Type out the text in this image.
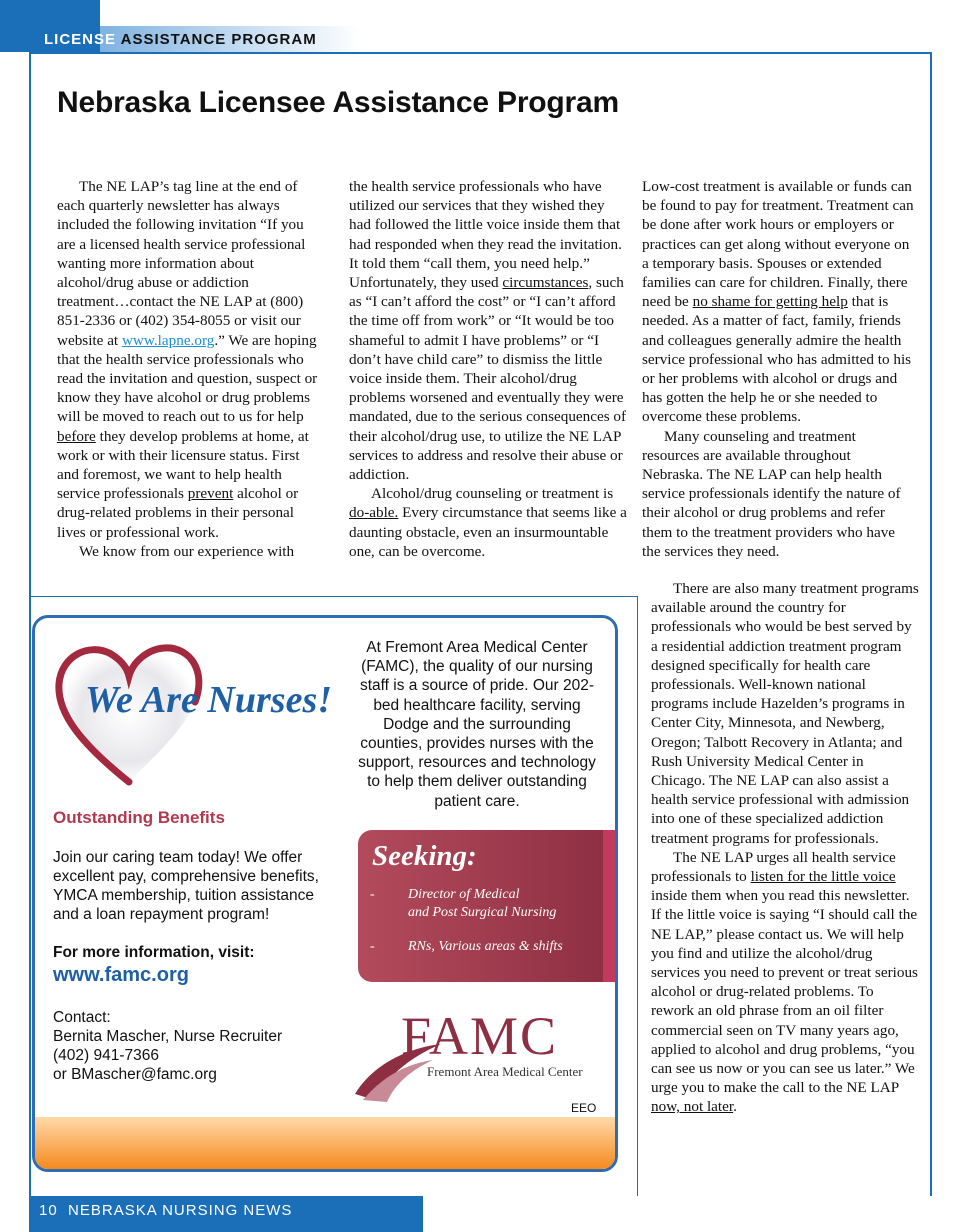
LICENSE ASSISTANCE PROGRAM
Nebraska Licensee Assistance Program

The NE LAP’s tag line at the end of each quarterly newsletter has always included the following invitation “If you are a licensed health service professional wanting more information about alcohol/drug abuse or addiction treatment…contact the NE LAP at (800) 851-2336 or (402) 354-8055 or visit our website at www.lapne.org.” We are hoping that the health service professionals who read the invitation and question, suspect or know they have alcohol or drug problems will be moved to reach out to us for help before they develop problems at home, at work or with their licensure status. First and foremost, we want to help health service professionals prevent alcohol or drug-related problems in their personal lives or professional work.

We know from our experience with

the health service professionals who have utilized our services that they wished they had followed the little voice inside them that had responded when they read the invitation. It told them “call them, you need help.” Unfortunately, they used circumstances, such as “I can’t afford the cost” or “I can’t afford the time off from work” or “It would be too shameful to admit I have problems” or “I don’t have child care” to dismiss the little voice inside them. Their alcohol/drug problems worsened and eventually they were mandated, due to the serious consequences of their alcohol/drug use, to utilize the NE LAP services to address and resolve their abuse or addiction.

Alcohol/drug counseling or treatment is do-able. Every circumstance that seems like a daunting obstacle, even an insurmountable one, can be overcome.

Low-cost treatment is available or funds can be found to pay for treatment. Treatment can be done after work hours or employers or practices can get along without everyone on a temporary basis. Spouses or extended families can care for children. Finally, there need be no shame for getting help that is needed. As a matter of fact, family, friends and colleagues generally admire the health service professional who has admitted to his or her problems with alcohol or drugs and has gotten the help he or she needed to overcome these problems.

Many counseling and treatment resources are available throughout Nebraska. The NE LAP can help health service professionals identify the nature of their alcohol or drug problems and refer them to the treatment providers who have the services they need.

There are also many treatment programs available around the country for professionals who would be best served by a residential addiction treatment program designed specifically for health care professionals. Well-known national programs include Hazelden’s programs in Center City, Minnesota, and Newberg, Oregon; Talbott Recovery in Atlanta; and Rush University Medical Center in Chicago. The NE LAP can also assist a health service professional with admission into one of these specialized addiction treatment programs for professionals.

The NE LAP urges all health service professionals to listen for the little voice inside them when you read this newsletter. If the little voice is saying “I should call the NE LAP,” please contact us. We will help you find and utilize the alcohol/drug services you need to prevent or treat serious alcohol or drug-related problems. To rework an old phrase from an oil filter commercial seen on TV many years ago, applied to alcohol and drug problems, “you can see us now or you can see us later.” We urge you to make the call to the NE LAP now, not later.

We Are Nurses!
Outstanding Benefits
Join our caring team today! We offer excellent pay, comprehensive benefits, YMCA membership, tuition assistance and a loan repayment program!
For more information, visit:
www.famc.org
Contact:
Bernita Mascher, Nurse Recruiter
(402) 941-7366
or BMascher@famc.org
At Fremont Area Medical Center (FAMC), the quality of our nursing staff is a source of pride. Our 202-bed healthcare facility, serving Dodge and the surrounding counties, provides nurses with the support, resources and technology to help them deliver outstanding patient care.
Seeking:
- Director of Medical
and Post Surgical Nursing
- RNs, Various areas & shifts
FAMC
Fremont Area Medical Center
EEO
10 NEBRASKA NURSING NEWS
